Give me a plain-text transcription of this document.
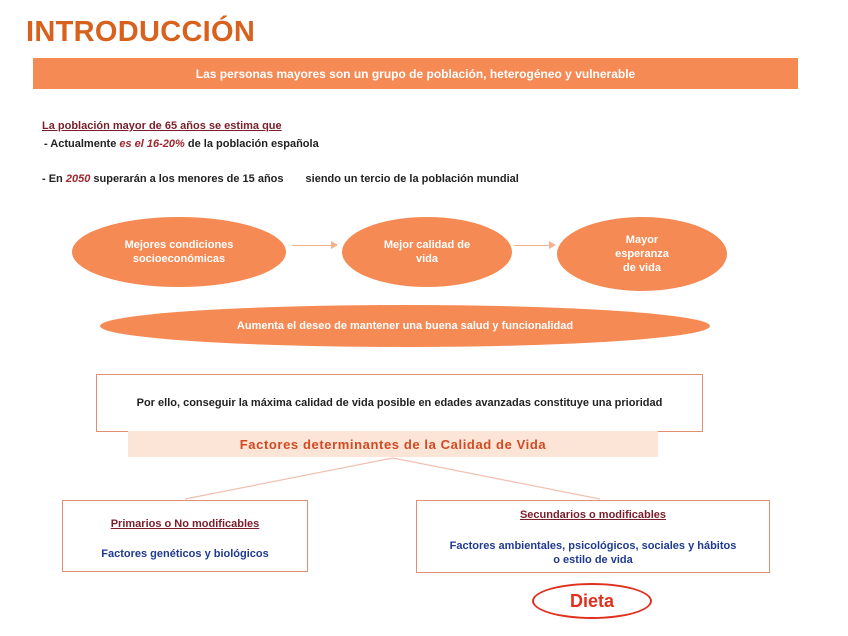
INTRODUCCIÓN
Las personas mayores son un grupo de población, heterogéneo y vulnerable
La población mayor de 65 años se estima que
- Actualmente es el 16-20% de la población española
- En 2050 superarán a los menores de 15 años siendo un tercio de la población mundial
Mejores condiciones socioeconómicas
Mejor calidad de vida
Mayor esperanza de vida
Aumenta el deseo de mantener una buena salud y funcionalidad
Por ello, conseguir la máxima calidad de vida posible en edades avanzadas constituye una prioridad
Factores determinantes de la Calidad de Vida
Primarios o No modificables
Factores genéticos y biológicos
Secundarios o modificables
Factores ambientales, psicológicos, sociales y hábitos o estilo de vida
Dieta
